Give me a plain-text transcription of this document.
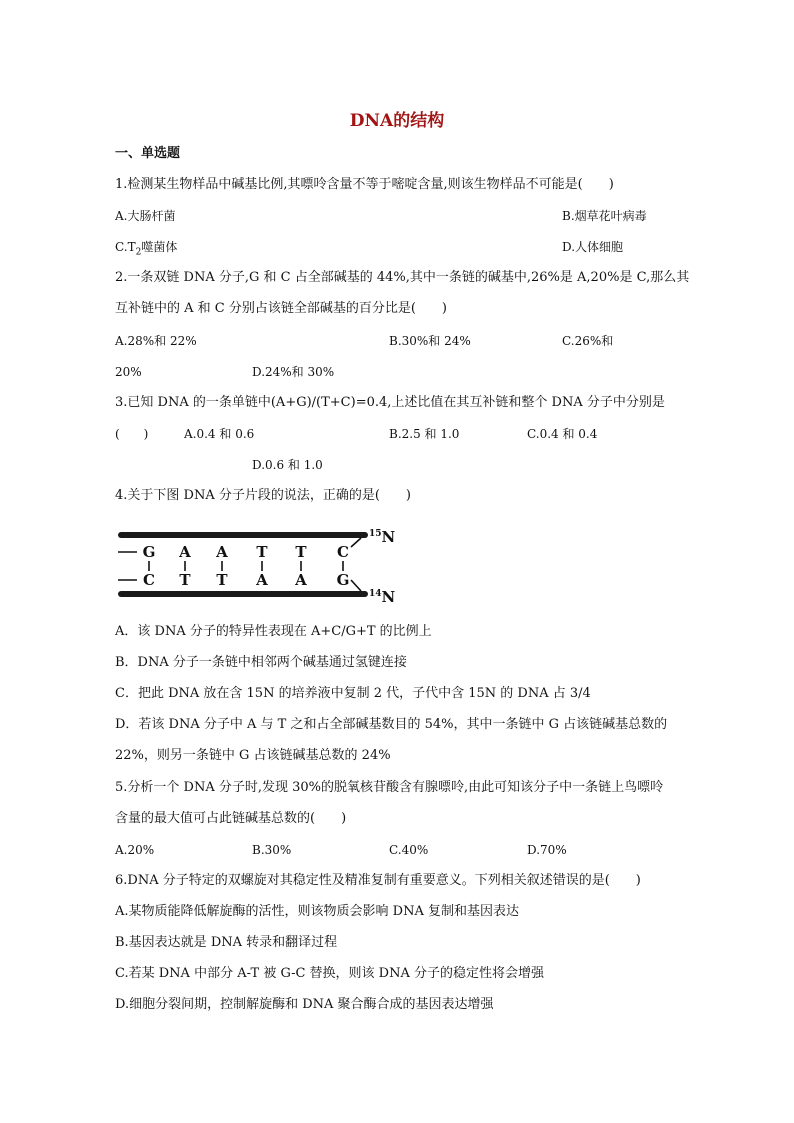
DNA的结构
一、单选题
1.检测某生物样品中碱基比例,其嘌呤含量不等于嘧啶含量,则该生物样品不可能是(　　)
A.大肠杆菌	B.烟草花叶病毒
$C.T_2$噬菌体	D.人体细胞
2.一条双链 DNA 分子,G 和 C 占全部碱基的 44%,其中一条链的碱基中,26%是 A,20%是 C,那么其
互补链中的 A 和 C 分别占该链全部碱基的百分比是(　　)
A.28%和 22%	B.30%和 24%	C.26%和
20%	D.24%和 30%
3.已知 DNA 的一条单链中(A+G)/(T+C)=0.4,上述比值在其互补链和整个 DNA 分子中分别是
(　　)	A.0.4 和 0.6	B.2.5 和 1.0	C.0.4 和 0.4
D.0.6 和 1.0
4.关于下图 DNA 分子片段的说法，正确的是(　　)
G
C
A
T
A
T
T
A
T
A
C
G
$^{15}$N
$^{14}$N
A．该 DNA 分子的特异性表现在 A+C/G+T 的比例上
B．DNA 分子一条链中相邻两个碱基通过氢键连接
C．把此 DNA 放在含 15N 的培养液中复制 2 代，子代中含 15N 的 DNA 占 3/4
D．若该 DNA 分子中 A 与 T 之和占全部碱基数目的 54%，其中一条链中 G 占该链碱基总数的
22%，则另一条链中 G 占该链碱基总数的 24%
5.分析一个 DNA 分子时,发现 30%的脱氧核苷酸含有腺嘌呤,由此可知该分子中一条链上鸟嘌呤
含量的最大值可占此链碱基总数的(　　)
A.20%	B.30%	C.40%	D.70%
6.DNA 分子特定的双螺旋对其稳定性及精准复制有重要意义。下列相关叙述错误的是(　　)
A.某物质能降低解旋酶的活性，则该物质会影响 DNA 复制和基因表达
B.基因表达就是 DNA 转录和翻译过程
C.若某 DNA 中部分 A-T 被 G-C 替换，则该 DNA 分子的稳定性将会增强
D.细胞分裂间期，控制解旋酶和 DNA 聚合酶合成的基因表达增强
